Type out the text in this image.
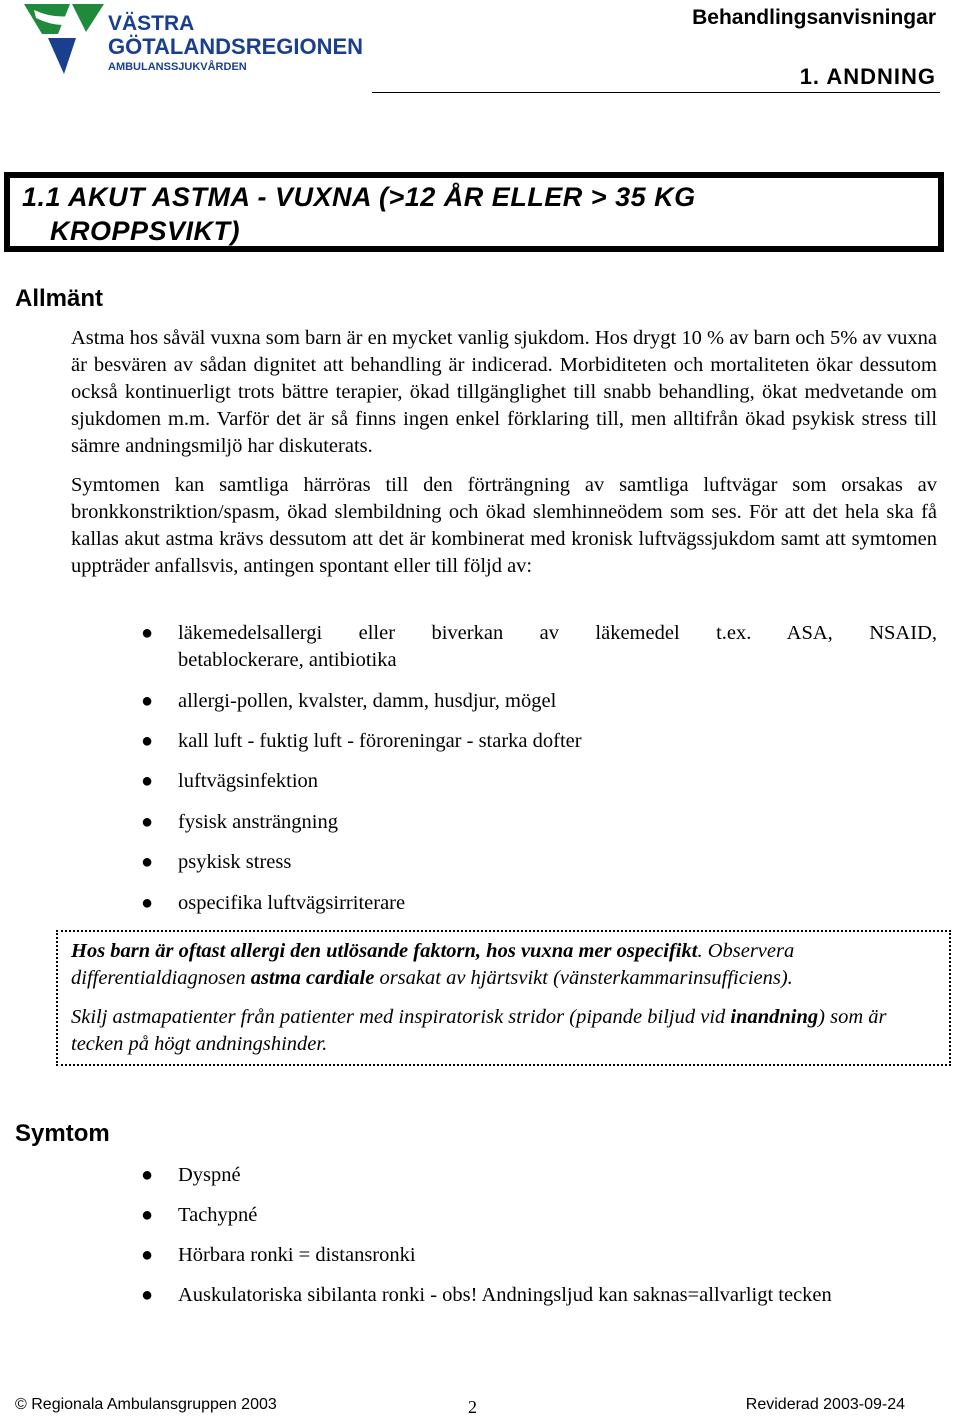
VÄSTRA
GÖTALANDSREGIONEN
AMBULANSSJUKVÅRDEN
Behandlingsanvisningar
1. ANDNING
1.1 AKUT ASTMA - VUXNA (>12 ÅR ELLER > 35 KG
KROPPSVIKT)
Allmänt
Astma hos såväl vuxna som barn är en mycket vanlig sjukdom. Hos drygt 10 % av barn och 5% av vuxna är besvären av sådan dignitet att behandling är indicerad. Morbiditeten och mortaliteten ökar dessutom också kontinuerligt trots bättre terapier, ökad tillgänglighet till snabb behandling, ökat medvetande om sjukdomen m.m. Varför det är så finns ingen enkel förklaring till, men alltifrån ökad psykisk stress till sämre andningsmiljö har diskuterats.
Symtomen kan samtliga härröras till den förträngning av samtliga luftvägar som orsakas av bronkkonstriktion/spasm, ökad slembildning och ökad slemhinneödem som ses. För att det hela ska få kallas akut astma krävs dessutom att det är kombinerat med kronisk luftvägssjukdom samt att symtomen uppträder anfallsvis, antingen spontant eller till följd av:
● läkemedelsallergi eller biverkan av läkemedel t.ex. ASA, NSAID,
betablockerare, antibiotika
● allergi-pollen, kvalster, damm, husdjur, mögel
● kall luft - fuktig luft - föroreningar - starka dofter
● luftvägsinfektion
● fysisk ansträngning
● psykisk stress
● ospecifika luftvägsirriterare

Hos barn är oftast allergi den utlösande faktorn, hos vuxna mer ospecifikt. Observera differentialdiagnosen astma cardiale orsakat av hjärtsvikt (vänsterkammarinsufficiens).

Skilj astmapatienter från patienter med inspiratorisk stridor (pipande biljud vid inandning) som är tecken på högt andningshinder.

Symtom
● Dyspné
● Tachypné
● Hörbara ronki = distansronki
● Auskulatoriska sibilanta ronki - obs! Andningsljud kan saknas=allvarligt tecken
© Regionala Ambulansgruppen 2003	2	Reviderad 2003-09-24
